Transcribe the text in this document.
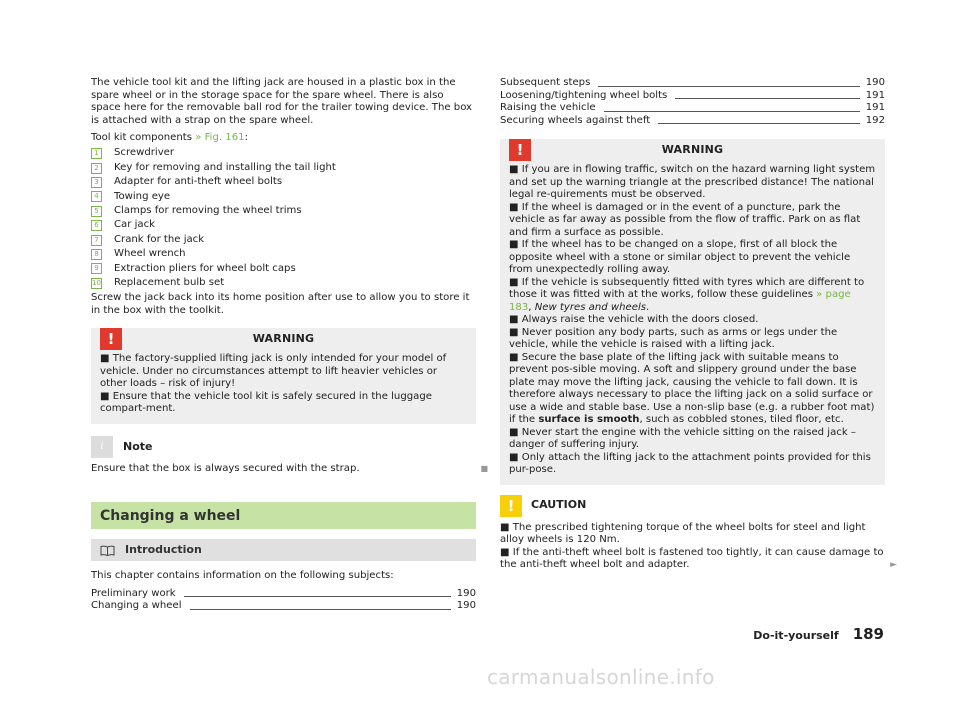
The vehicle tool kit and the lifting jack are housed in a plastic box in the spare wheel or in the storage space for the spare wheel. There is also space here for the removable ball rod for the trailer towing device. The box is attached with a strap on the spare wheel.

Tool kit components » Fig. 161:

1	Screwdriver
2	Key for removing and installing the tail light
3	Adapter for anti-theft wheel bolts
4	Towing eye
5	Clamps for removing the wheel trims
6	Car jack
7	Crank for the jack
8	Wheel wrench
9	Extraction pliers for wheel bolt caps
10 Replacement bulb set

Screw the jack back into its home position after use to allow you to store it in the box with the toolkit.

!	WARNING

■ The factory-supplied lifting jack is only intended for your model of vehicle. Under no circumstances attempt to lift heavier vehicles or other loads – risk of injury!

■ Ensure that the vehicle tool kit is safely secured in the luggage compart-ment.

i	Note

Ensure that the box is always secured with the strap.	■

Changing a wheel
Introduction

This chapter contains information on the following subjects:

Preliminary work	190
Changing a wheel	190
Subsequent steps	190
Loosening/tightening wheel bolts	191
Raising the vehicle	191
Securing wheels against theft	192
!	WARNING

■ If you are in flowing traffic, switch on the hazard warning light system and set up the warning triangle at the prescribed distance! The national legal re-quirements must be observed.

■ If the wheel is damaged or in the event of a puncture, park the vehicle as far away as possible from the flow of traffic. Park on as flat and firm a surface as possible.

■ If the wheel has to be changed on a slope, first of all block the opposite wheel with a stone or similar object to prevent the vehicle from unexpectedly rolling away.

■ If the vehicle is subsequently fitted with tyres which are different to those it was fitted with at the works, follow these guidelines » page 183, New tyres and wheels.

■ Always raise the vehicle with the doors closed.

■ Never position any body parts, such as arms or legs under the vehicle, while the vehicle is raised with a lifting jack.

■ Secure the base plate of the lifting jack with suitable means to prevent pos-sible moving. A soft and slippery ground under the base plate may move the lifting jack, causing the vehicle to fall down. It is therefore always necessary to place the lifting jack on a solid surface or use a wide and stable base. Use a non-slip base (e.g. a rubber foot mat) if the surface is smooth, such as cobbled stones, tiled floor, etc.

■ Never start the engine with the vehicle sitting on the raised jack – danger of suffering injury.

■ Only attach the lifting jack to the attachment points provided for this pur-pose.

!	CAUTION

■ The prescribed tightening torque of the wheel bolts for steel and light alloy wheels is 120 Nm.

■ If the anti-theft wheel bolt is fastened too tightly, it can cause damage to the anti-theft wheel bolt and adapter.	►
Do-it-yourself 189
carmanualsonline.info
